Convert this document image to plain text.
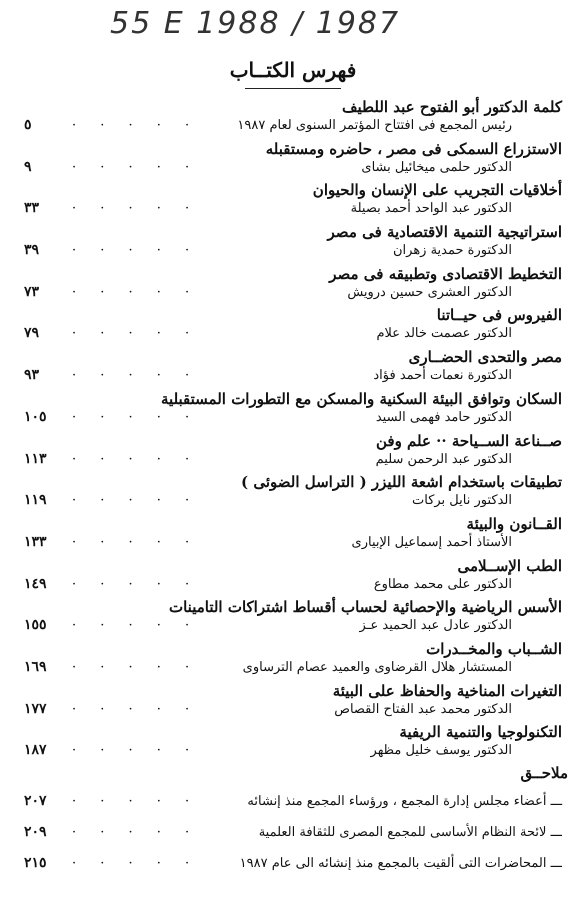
55 E 1988 / 1987
فهرس الكتــاب
كلمة الدكتور أبو الفتوح عبد اللطيف
رئيس المجمع فى افتتاح المؤتمر السنوى لعام ١٩٨٧
· · · · ·
٥
الاستزراع السمكى فى مصر ، حاضره ومستقبله
الدكتور حلمى ميخائيل بشاى
· · · · ·
٩
أخلاقيات التجريب على الإنسان والحيوان
الدكتور عبد الواحد أحمد بصيلة
· · · · ·
٣٣
استراتيجية التنمية الاقتصادية فى مصر
الدكتورة حمدية زهران
· · · · ·
٣٩
التخطيط الاقتصادى وتطبيقه فى مصر
الدكتور العشرى حسين درويش
· · · · ·
٧٣
الفيروس فى حيــاتنا
الدكتور عصمت خالد علام
· · · · ·
٧٩
مصر والتحدى الحضــارى
الدكتورة نعمات أحمد فؤاد
· · · · ·
٩٣
السكان وتوافق البيئة السكنية والمسكن مع التطورات المستقبلية
الدكتور حامد فهمى السيد
· · · · ·
١٠٥
صــناعة الســياحة ·· علم وفن
الدكتور عبد الرحمن سليم
· · · · ·
١١٣
تطبيقات باستخدام اشعة الليزر ( التراسل الضوئى )
الدكتور نايل بركات
· · · · ·
١١٩
القــانون والبيئة
الأستاذ أحمد إسماعيل الإبيارى
· · · · ·
١٣٣
الطب الإســلامى
الدكتور على محمد مطاوع
· · · · ·
١٤٩
الأسس الرياضية والإحصائية لحساب أقساط اشتراكات التامينات
الدكتور عادل عبد الحميد عـز
· · · · ·
١٥٥
الشــباب والمخــدرات
المستشار هلال القرضاوى والعميد عصام الترساوى
· · · · ·
١٦٩
التغيرات المناخية والحفاظ على البيئة
الدكتور محمد عبد الفتاح القصاص
· · · · ·
١٧٧
التكنولوجيا والتنمية الريفية
الدكتور يوسف خليل مظهر
· · · · ·
١٨٧
ملاحــق
ـــ أعضاء مجلس إدارة المجمع ، ورؤساء المجمع منذ إنشائه
· · · · ·
٢٠٧
ـــ لائحة النظام الأساسى للمجمع المصرى للثقافة العلمية
· · · · ·
٢٠٩
ـــ المحاضرات التى ألقيت بالمجمع منذ إنشائه الى عام ١٩٨٧
· · · · ·
٢١٥
